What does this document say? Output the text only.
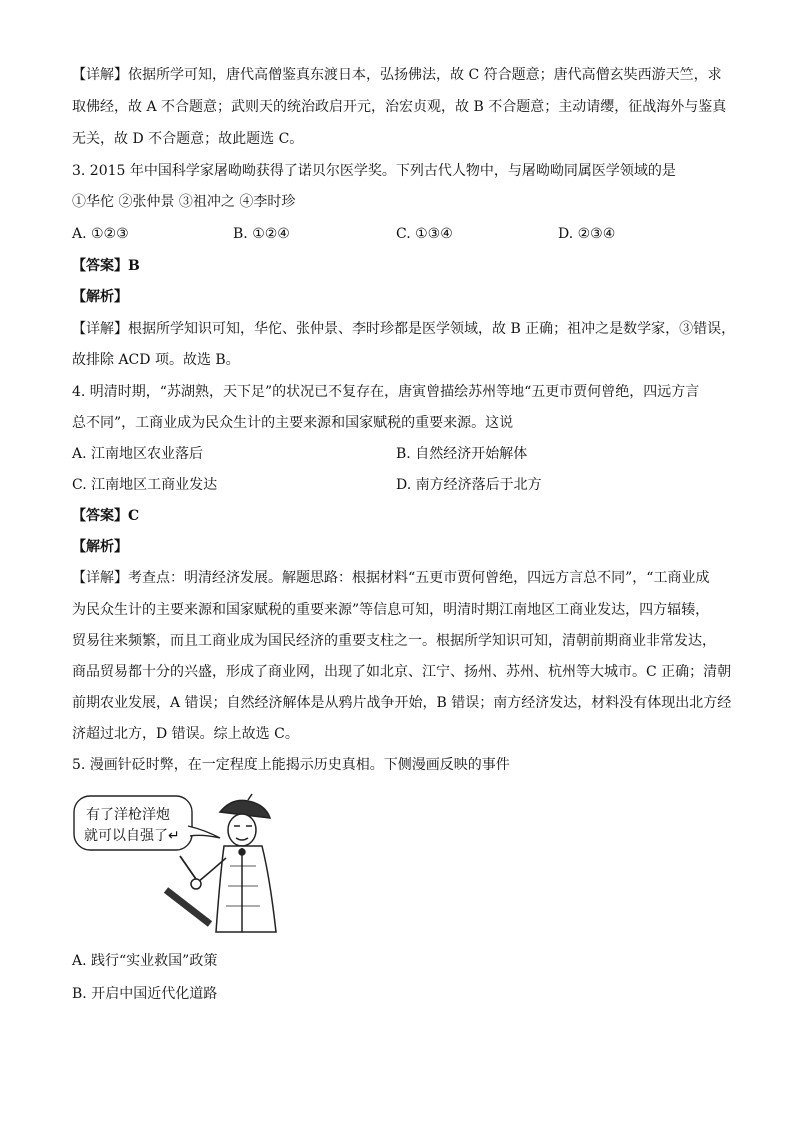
【详解】依据所学可知，唐代高僧鉴真东渡日本，弘扬佛法，故 C 符合题意；唐代高僧玄奘西游天竺，求
取佛经，故 A 不合题意；武则天的统治政启开元，治宏贞观，故 B 不合题意；主动请缨，征战海外与鉴真
无关，故 D 不合题意；故此题选 C。
3. 2015 年中国科学家屠呦呦获得了诺贝尔医学奖。下列古代人物中，与屠呦呦同属医学领域的是
①华佗 ②张仲景 ③祖冲之 ④李时珍
A. ①②③	B. ①②④	C. ①③④	D. ②③④
【答案】B
【解析】
【详解】根据所学知识可知，华佗、张仲景、李时珍都是医学领域，故 B 正确；祖冲之是数学家，③错误，
故排除 ACD 项。故选 B。
4. 明清时期，“苏湖熟，天下足”的状况已不复存在，唐寅曾描绘苏州等地“五更市贾何曾绝，四远方言
总不同”，工商业成为民众生计的主要来源和国家赋税的重要来源。这说
A. 江南地区农业落后	B. 自然经济开始解体
C. 江南地区工商业发达	D. 南方经济落后于北方
【答案】C
【解析】
【详解】考查点：明清经济发展。解题思路：根据材料“五更市贾何曾绝，四远方言总不同”，“工商业成
为民众生计的主要来源和国家赋税的重要来源”等信息可知，明清时期江南地区工商业发达，四方辐辏，
贸易往来频繁，而且工商业成为国民经济的重要支柱之一。根据所学知识可知，清朝前期商业非常发达，
商品贸易都十分的兴盛，形成了商业网，出现了如北京、江宁、扬州、苏州、杭州等大城市。C 正确；清朝
前期农业发展，A 错误；自然经济解体是从鸦片战争开始，B 错误；南方经济发达，材料没有体现出北方经
济超过北方，D 错误。综上故选 C。
5. 漫画针砭时弊，在一定程度上能揭示历史真相。下侧漫画反映的事件
有了洋枪洋炮
就可以自强了↵
A. 践行“实业救国”政策
B. 开启中国近代化道路
